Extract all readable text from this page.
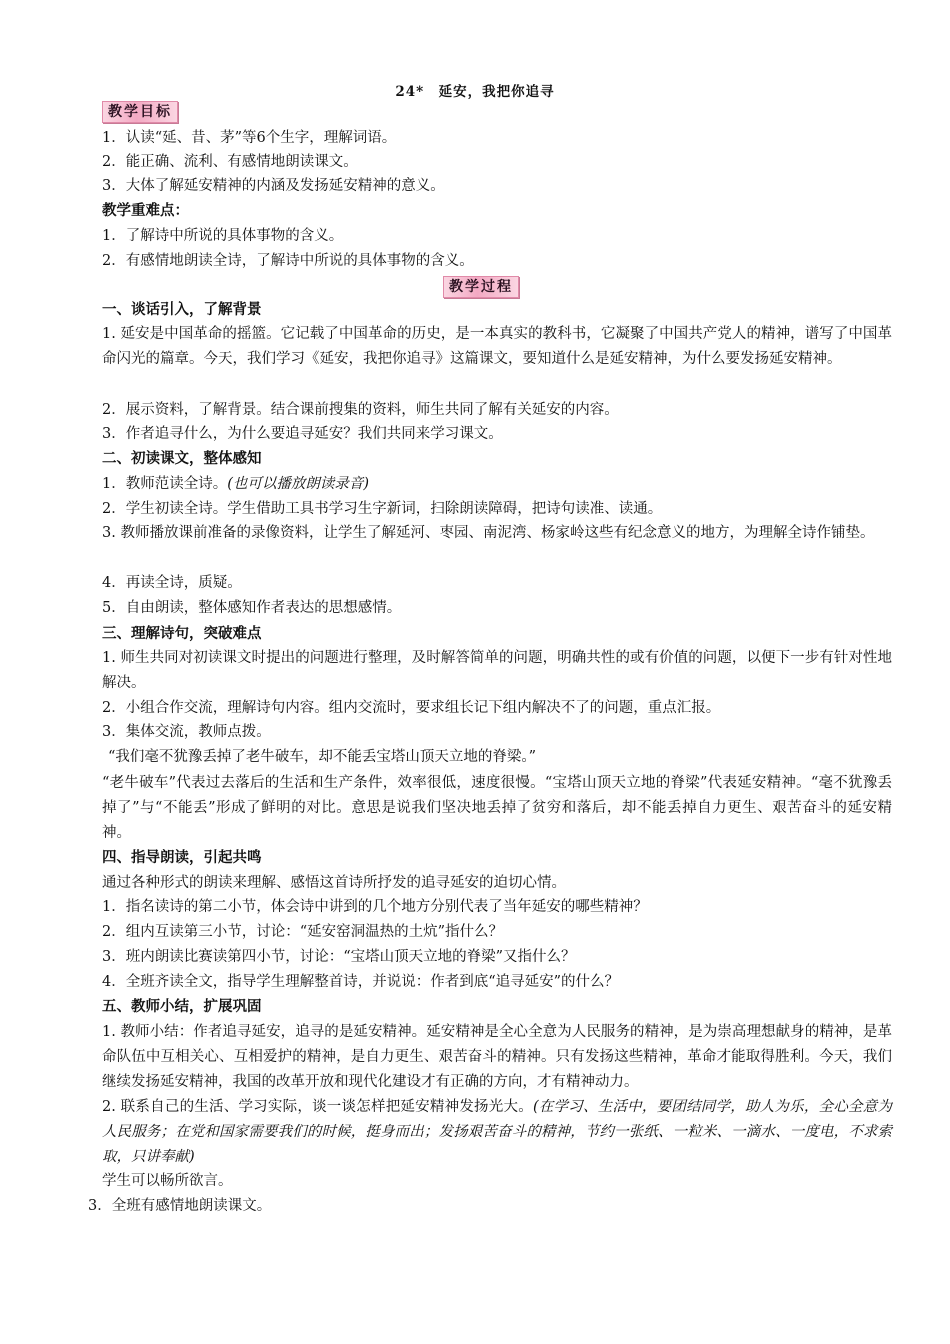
24*　延安，我把你追寻
教学目标
1．认读“延、昔、茅”等6个生字，理解词语。
2．能正确、流利、有感情地朗读课文。
3．大体了解延安精神的内涵及发扬延安精神的意义。
教学重难点：
1．了解诗中所说的具体事物的含义。
2．有感情地朗读全诗，了解诗中所说的具体事物的含义。
教学过程
一、谈话引入，了解背景
1. 延安是中国革命的摇篮。它记载了中国革命的历史，是一本真实的教科书，它凝聚了中国共产党人的精神，谱写了中国革命闪光的篇章。今天，我们学习《延安，我把你追寻》这篇课文，要知道什么是延安精神，为什么要发扬延安精神。
2．展示资料，了解背景。结合课前搜集的资料，师生共同了解有关延安的内容。
3．作者追寻什么，为什么要追寻延安？我们共同来学习课文。
二、初读课文，整体感知
1．教师范读全诗。(也可以播放朗读录音)
2．学生初读全诗。学生借助工具书学习生字新词，扫除朗读障碍，把诗句读准、读通。
3. 教师播放课前准备的录像资料，让学生了解延河、枣园、南泥湾、杨家岭这些有纪念意义的地方，为理解全诗作铺垫。
4．再读全诗，质疑。
5．自由朗读，整体感知作者表达的思想感情。
三、理解诗句，突破难点
1. 师生共同对初读课文时提出的问题进行整理，及时解答简单的问题，明确共性的或有价值的问题，以便下一步有针对性地解决。
2．小组合作交流，理解诗句内容。组内交流时，要求组长记下组内解决不了的问题，重点汇报。
3．集体交流，教师点拨。
“我们毫不犹豫丢掉了老牛破车，却不能丢宝塔山顶天立地的脊梁。”
“老牛破车”代表过去落后的生活和生产条件，效率很低，速度很慢。“宝塔山顶天立地的脊梁”代表延安精神。“毫不犹豫丢掉了”与“不能丢”形成了鲜明的对比。意思是说我们坚决地丢掉了贫穷和落后，却不能丢掉自力更生、艰苦奋斗的延安精神。
四、指导朗读，引起共鸣
通过各种形式的朗读来理解、感悟这首诗所抒发的追寻延安的迫切心情。
1．指名读诗的第二小节，体会诗中讲到的几个地方分别代表了当年延安的哪些精神？
2．组内互读第三小节，讨论：“延安窑洞温热的土炕”指什么？
3．班内朗读比赛读第四小节，讨论：“宝塔山顶天立地的脊梁”又指什么？
4．全班齐读全文，指导学生理解整首诗，并说说：作者到底“追寻延安”的什么？
五、教师小结，扩展巩固
1. 教师小结：作者追寻延安，追寻的是延安精神。延安精神是全心全意为人民服务的精神，是为崇高理想献身的精神，是革命队伍中互相关心、互相爱护的精神，是自力更生、艰苦奋斗的精神。只有发扬这些精神，革命才能取得胜利。今天，我们继续发扬延安精神，我国的改革开放和现代化建设才有正确的方向，才有精神动力。
2. 联系自己的生活、学习实际，谈一谈怎样把延安精神发扬光大。(在学习、生活中，要团结同学，助人为乐，全心全意为人民服务；在党和国家需要我们的时候，挺身而出；发扬艰苦奋斗的精神，节约一张纸、一粒米、一滴水、一度电，不求索取，只讲奉献)
学生可以畅所欲言。
3．全班有感情地朗读课文。
